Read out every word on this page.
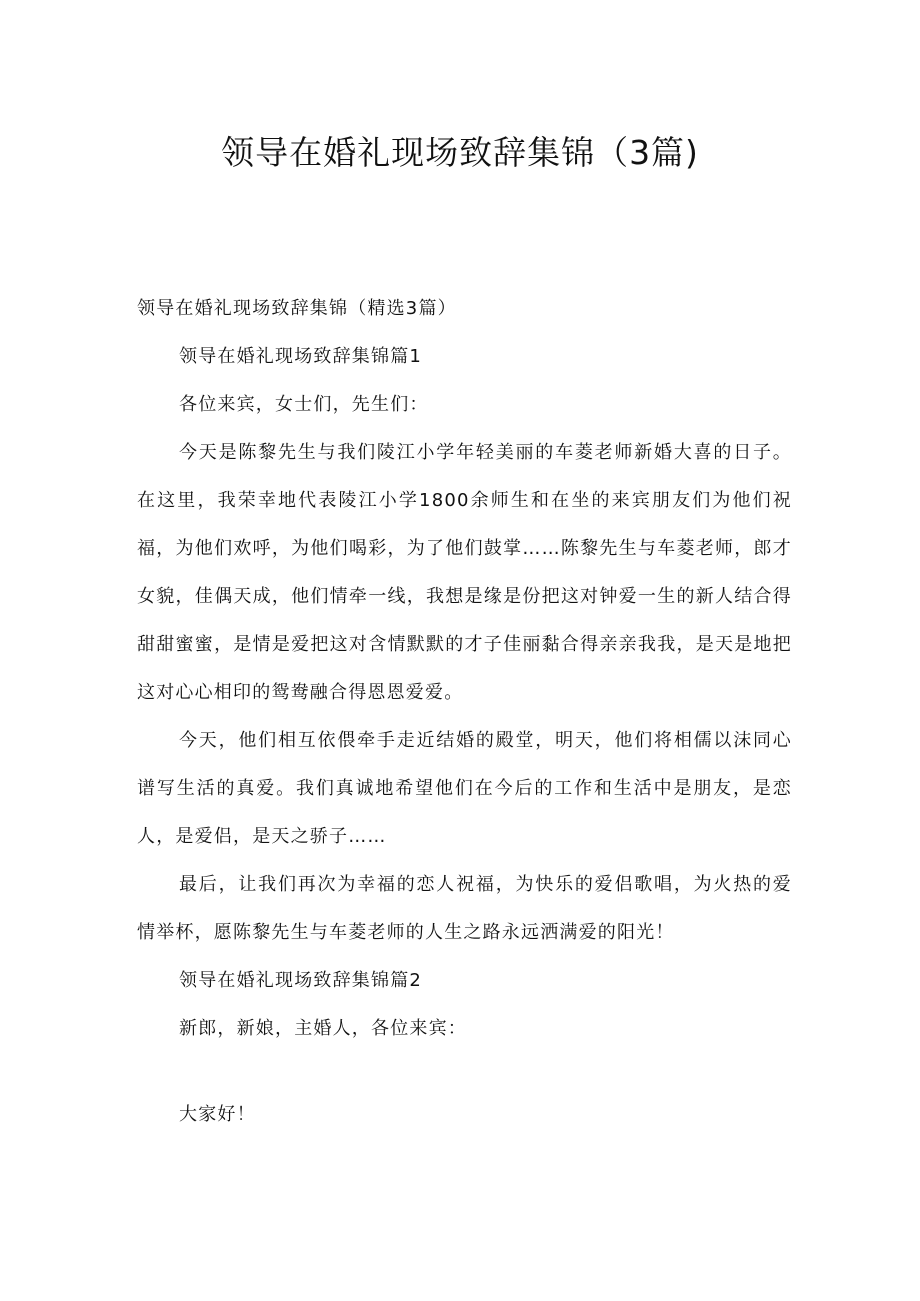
领导在婚礼现场致辞集锦（3篇)

领导在婚礼现场致辞集锦（精选3篇）

领导在婚礼现场致辞集锦篇1

各位来宾，女士们，先生们：

今天是陈黎先生与我们陵江小学年轻美丽的车菱老师新婚大喜的日子。在这里，我荣幸地代表陵江小学1800余师生和在坐的来宾朋友们为他们祝福，为他们欢呼，为他们喝彩，为了他们鼓掌……陈黎先生与车菱老师，郎才女貌，佳偶天成，他们情牵一线，我想是缘是份把这对钟爱一生的新人结合得甜甜蜜蜜，是情是爱把这对含情默默的才子佳丽黏合得亲亲我我，是天是地把这对心心相印的鸳鸯融合得恩恩爱爱。

今天，他们相互依偎牵手走近结婚的殿堂，明天，他们将相儒以沫同心谱写生活的真爱。我们真诚地希望他们在今后的工作和生活中是朋友，是恋人，是爱侣，是天之骄子……

最后，让我们再次为幸福的恋人祝福，为快乐的爱侣歌唱，为火热的爱情举杯，愿陈黎先生与车菱老师的人生之路永远洒满爱的阳光！

领导在婚礼现场致辞集锦篇2

新郎，新娘，主婚人，各位来宾：

大家好！
